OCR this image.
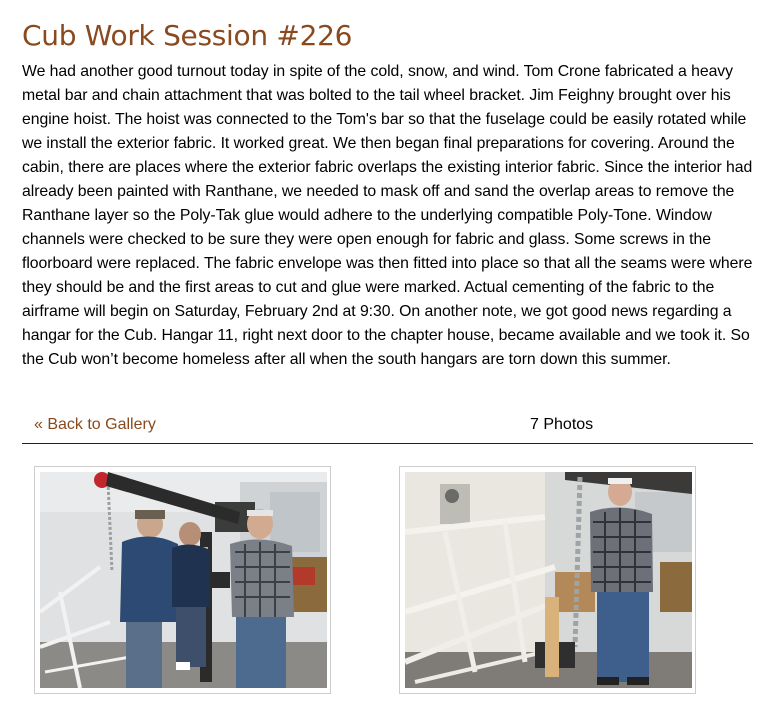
Cub Work Session #226

We had another good turnout today in spite of the cold, snow, and wind. Tom Crone fabricated a heavy metal bar and chain attachment that was bolted to the tail wheel bracket. Jim Feighny brought over his engine hoist. The hoist was connected to the Tom's bar so that the fuselage could be easily rotated while we install the exterior fabric. It worked great. We then began final preparations for covering. Around the cabin, there are places where the exterior fabric overlaps the existing interior fabric. Since the interior had already been painted with Ranthane, we needed to mask off and sand the overlap areas to remove the Ranthane layer so the Poly-Tak glue would adhere to the underlying compatible Poly-Tone. Window channels were checked to be sure they were open enough for fabric and glass. Some screws in the floorboard were replaced. The fabric envelope was then fitted into place so that all the seams were where they should be and the first areas to cut and glue were marked. Actual cementing of the fabric to the airframe will begin on Saturday, February 2nd at 9:30. On another note, we got good news regarding a hangar for the Cub. Hangar 11, right next door to the chapter house, became available and we took it. So the Cub won’t become homeless after all when the south hangars are torn down this summer.

« Back to Gallery	7 Photos
